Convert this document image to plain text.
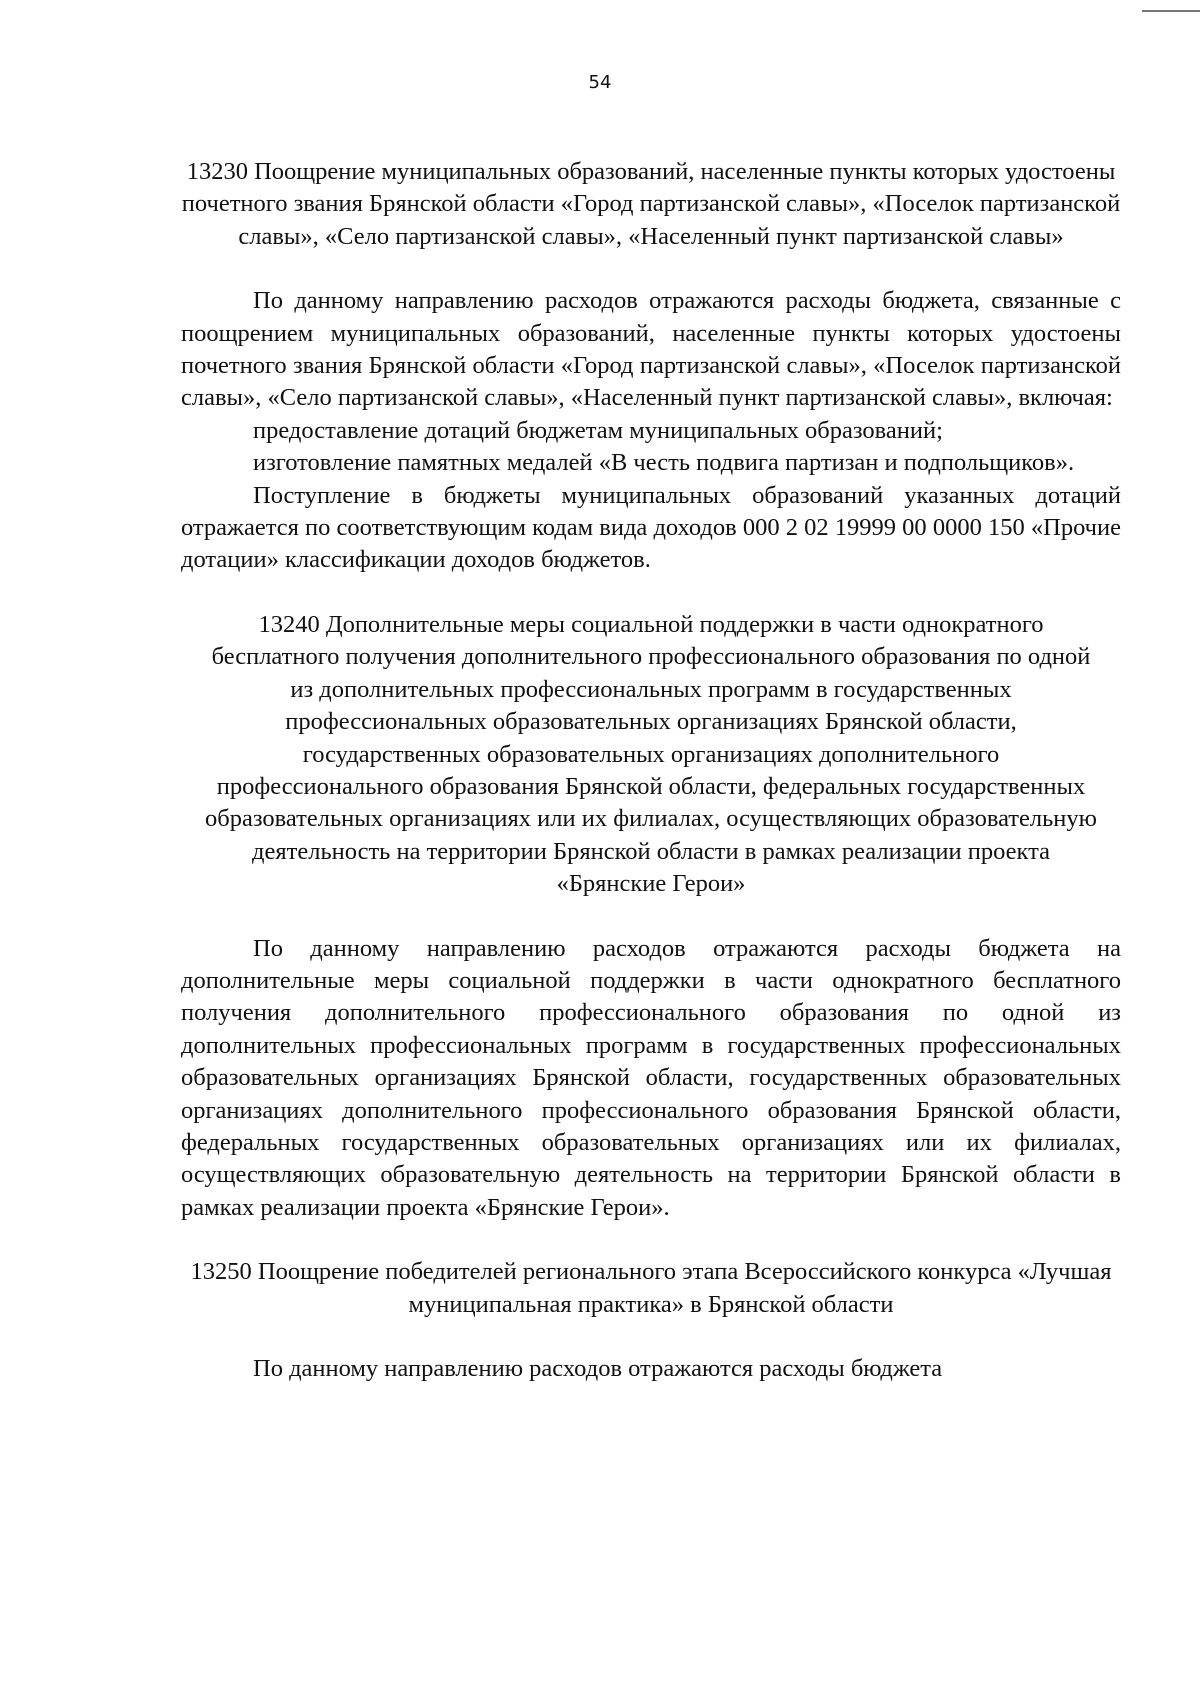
54

13230 Поощрение муниципальных образований, населенные пункты которых удостоены почетного звания Брянской области «Город партизанской славы», «Поселок партизанской славы», «Село партизанской славы», «Населенный пункт партизанской славы»

По данному направлению расходов отражаются расходы бюджета, связанные с поощрением муниципальных образований, населенные пункты которых удостоены почетного звания Брянской области «Город партизанской славы», «Поселок партизанской славы», «Село партизанской славы», «Населенный пункт партизанской славы», включая:

предоставление дотаций бюджетам муниципальных образований;

изготовление памятных медалей «В честь подвига партизан и подпольщиков».

Поступление в бюджеты муниципальных образований указанных дотаций отражается по соответствующим кодам вида доходов 000 2 02 19999 00 0000 150 «Прочие дотации» классификации доходов бюджетов.

13240 Дополнительные меры социальной поддержки в части однократного бесплатного получения дополнительного профессионального образования по одной из дополнительных профессиональных программ в государственных профессиональных образовательных организациях Брянской области, государственных образовательных организациях дополнительного профессионального образования Брянской области, федеральных государственных образовательных организациях или их филиалах, осуществляющих образовательную деятельность на территории Брянской области в рамках реализации проекта «Брянские Герои»

По данному направлению расходов отражаются расходы бюджета на дополнительные меры социальной поддержки в части однократного бесплатного получения дополнительного профессионального образования по одной из дополнительных профессиональных программ в государственных профессиональных образовательных организациях Брянской области, государственных образовательных организациях дополнительного профессионального образования Брянской области, федеральных государственных образовательных организациях или их филиалах, осуществляющих образовательную деятельность на территории Брянской области в рамках реализации проекта «Брянские Герои».

13250 Поощрение победителей регионального этапа Всероссийского конкурса «Лучшая муниципальная практика» в Брянской области

По данному направлению расходов отражаются расходы бюджета
